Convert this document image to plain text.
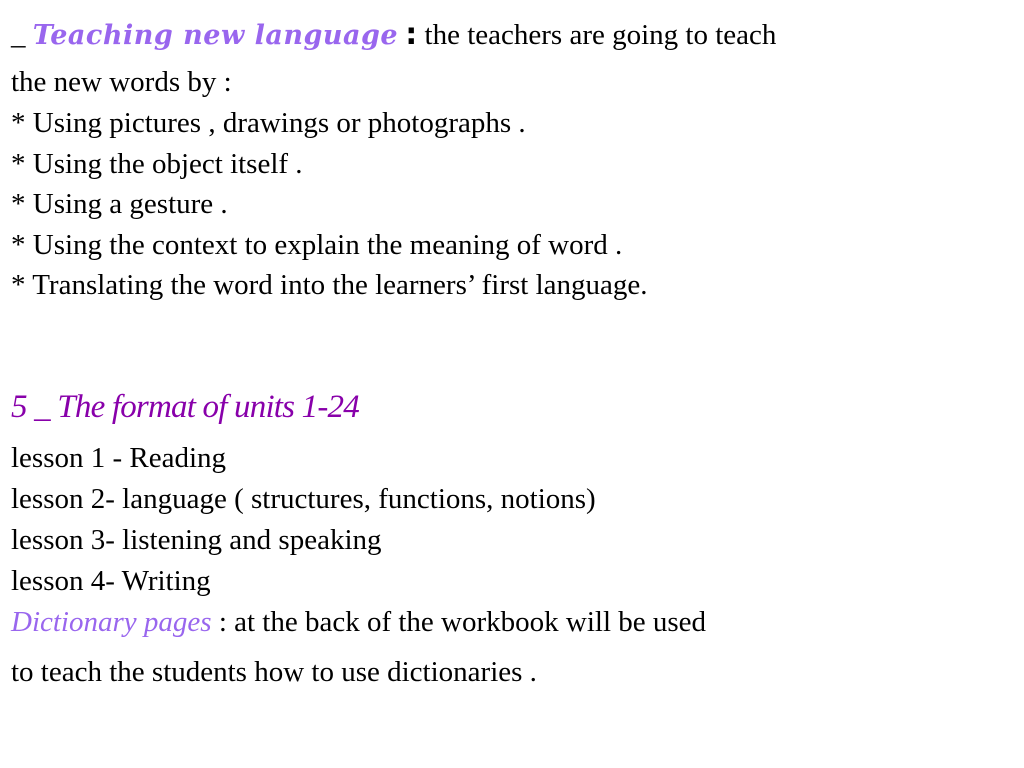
_ Teaching new language : the teachers are going to teach
the new words by :
* Using pictures , drawings or photographs .
* Using the object itself .
* Using a gesture .
* Using the context to explain the meaning of word .
* Translating the word into the learners’ first language.
5 _ The format of units 1-24
lesson 1 - Reading
lesson 2- language ( structures, functions, notions)
lesson 3- listening and speaking
lesson 4- Writing
Dictionary pages : at the back of the workbook will be used
to teach the students how to use dictionaries .
